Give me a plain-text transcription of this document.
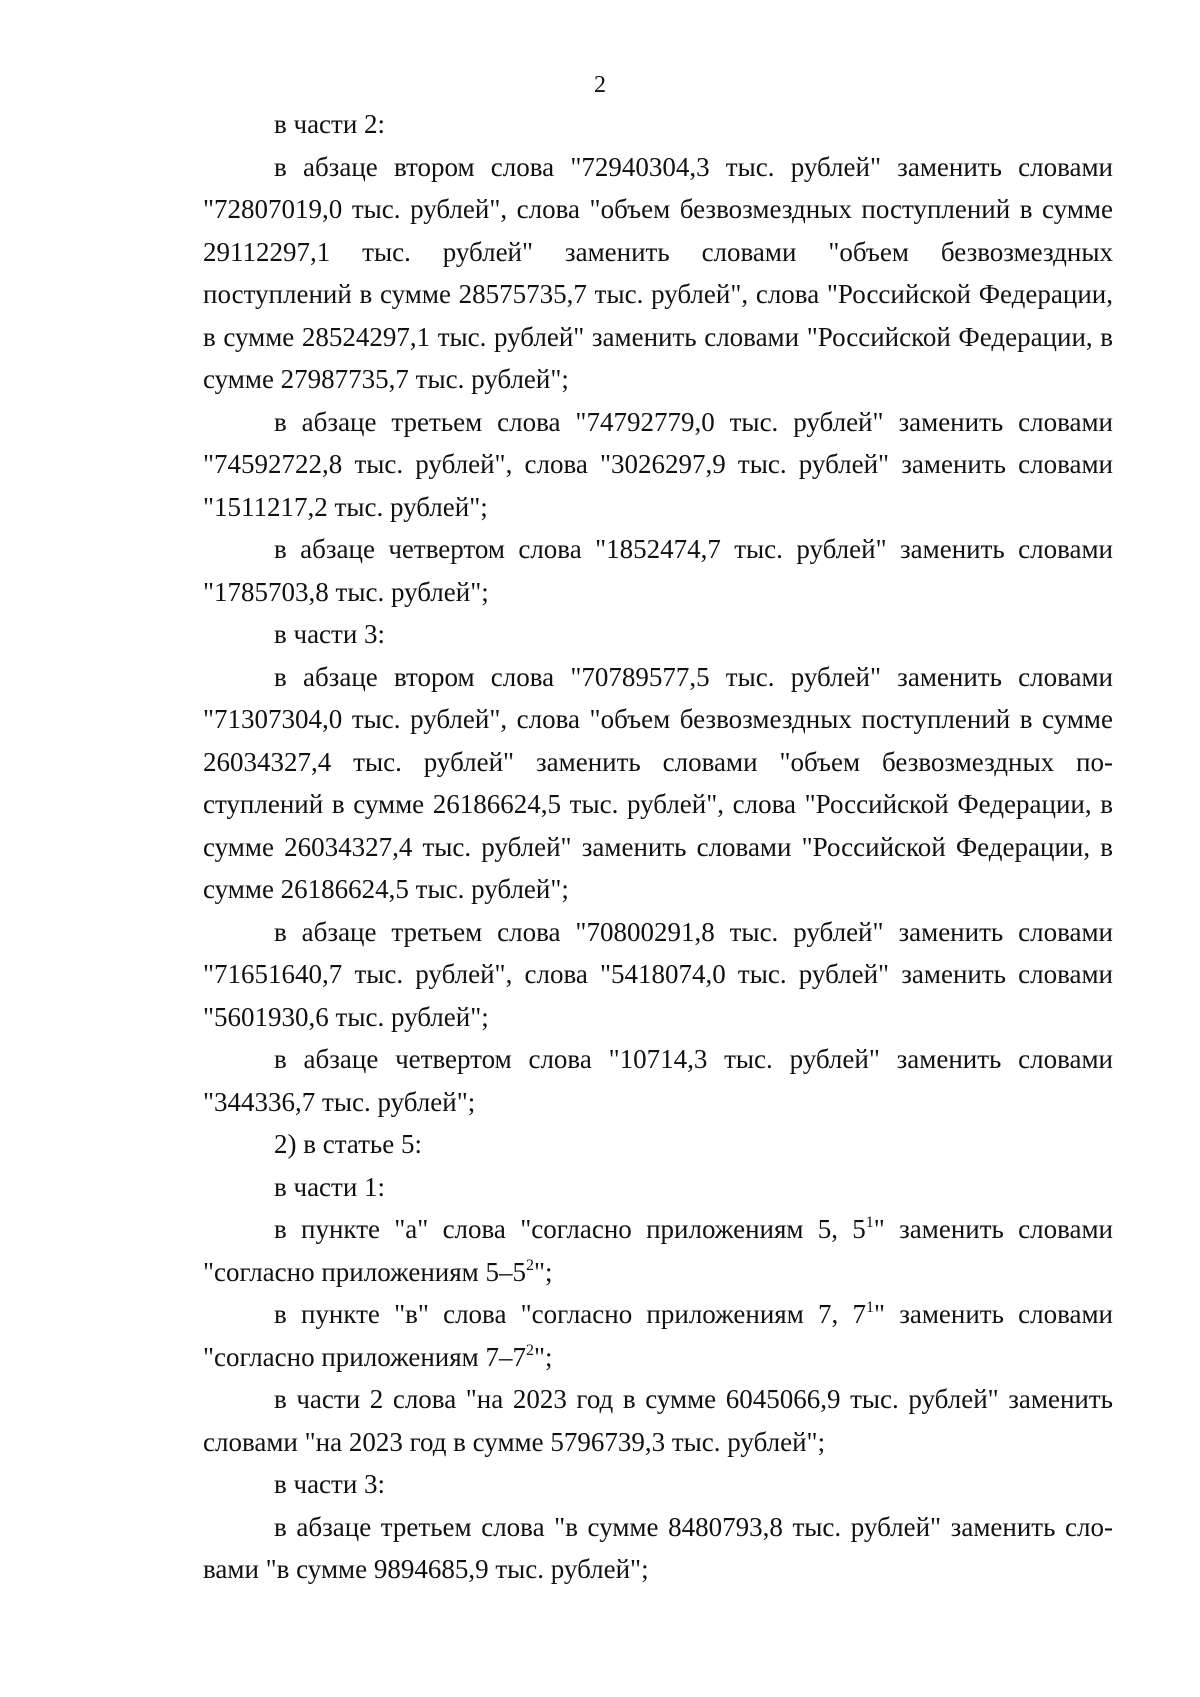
2

в части 2:

в абзаце втором слова "72940304,3 тыс. рублей" заменить словами "72807019,0 тыс. рублей", слова "объем безвозмездных поступлений в сумме 29112297,1 тыс. рублей" заменить словами "объем безвозмездных поступлений в сумме 28575735,7 тыс. рублей", слова "Российской Федерации, в сумме 28524297,1 тыс. рублей" заменить словами "Российской Федерации, в сумме 27987735,7 тыс. рублей";

в абзаце третьем слова "74792779,0 тыс. рублей" заменить словами "74592722,8 тыс. рублей", слова "3026297,9 тыс. рублей" заменить словами "1511217,2 тыс. рублей";

в абзаце четвертом слова "1852474,7 тыс. рублей" заменить словами "1785703,8 тыс. рублей";

в части 3:

в абзаце втором слова "70789577,5 тыс. рублей" заменить словами "71307304,0 тыс. рублей", слова "объем безвозмездных поступлений в сумме 26034327,4 тыс. рублей" заменить словами "объем безвозмездных поступлений в сумме 26186624,5 тыс. рублей", слова "Российской Федерации, в сумме 26034327,4 тыс. рублей" заменить словами "Российской Федерации, в сумме 26186624,5 тыс. рублей";

в абзаце третьем слова "70800291,8 тыс. рублей" заменить словами "71651640,7 тыс. рублей", слова "5418074,0 тыс. рублей" заменить словами "5601930,6 тыс. рублей";

в абзаце четвертом слова "10714,3 тыс. рублей" заменить словами "344336,7 тыс. рублей";

2) в статье 5:

в части 1:

в пункте "а" слова "согласно приложениям 5, $5^1$" заменить словами "согласно приложениям $5-5^2$";

в пункте "в" слова "согласно приложениям 7, $7^1$" заменить словами "согласно приложениям $7-7^2$";

в части 2 слова "на 2023 год в сумме 6045066,9 тыс. рублей" заменить словами "на 2023 год в сумме 5796739,3 тыс. рублей";

в части 3:

в абзаце третьем слова "в сумме 8480793,8 тыс. рублей" заменить словами "в сумме 9894685,9 тыс. рублей";
